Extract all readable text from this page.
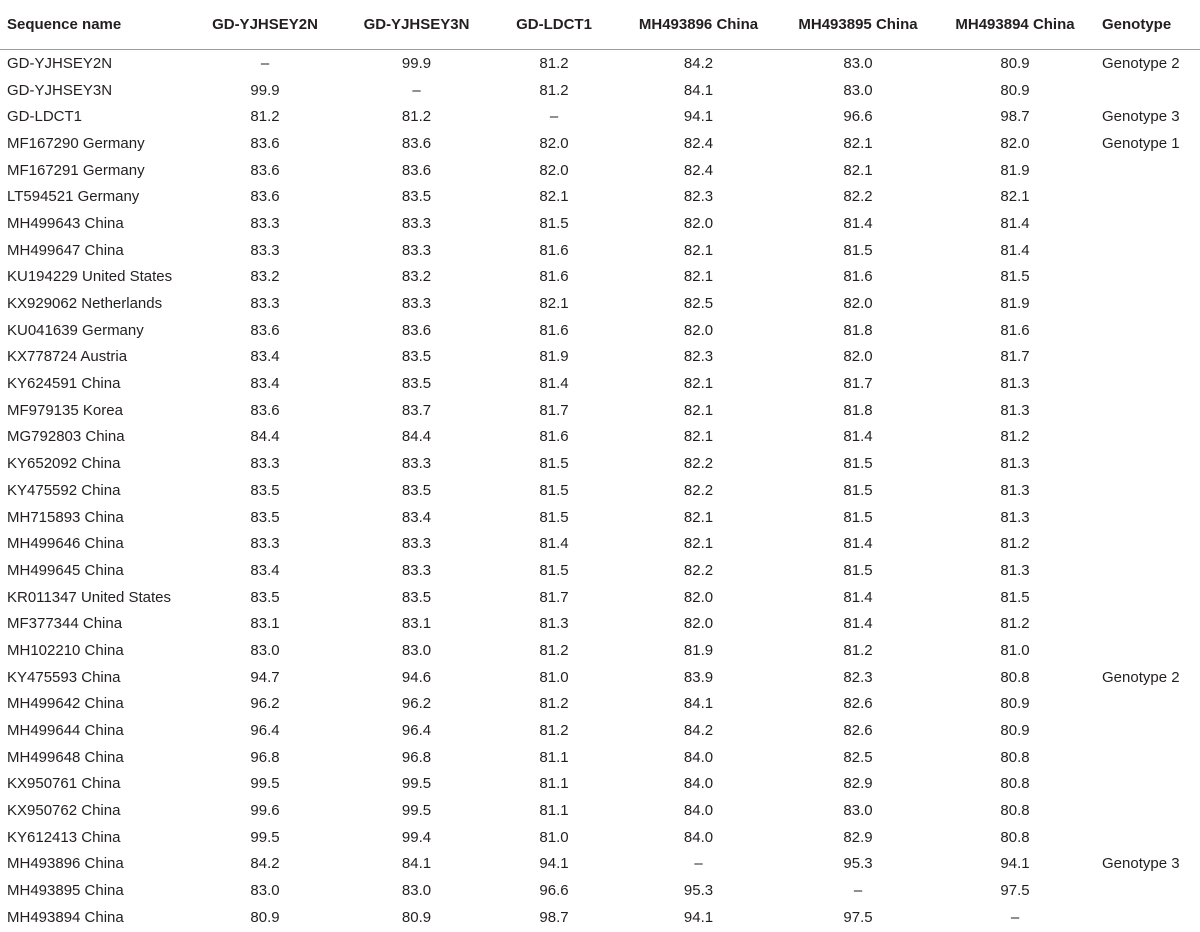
Sequence name	GD-YJHSEY2N	GD-YJHSEY3N	GD-LDCT1	MH493896 China	MH493895 China	MH493894 China	Genotype
GD-YJHSEY2N	–	99.9	81.2	84.2	83.0	80.9	Genotype 2
GD-YJHSEY3N	99.9	–	81.2	84.1	83.0	80.9	
GD-LDCT1	81.2	81.2	–	94.1	96.6	98.7	Genotype 3
MF167290 Germany	83.6	83.6	82.0	82.4	82.1	82.0	Genotype 1
MF167291 Germany	83.6	83.6	82.0	82.4	82.1	81.9	
LT594521 Germany	83.6	83.5	82.1	82.3	82.2	82.1	
MH499643 China	83.3	83.3	81.5	82.0	81.4	81.4	
MH499647 China	83.3	83.3	81.6	82.1	81.5	81.4	
KU194229 United States	83.2	83.2	81.6	82.1	81.6	81.5	
KX929062 Netherlands	83.3	83.3	82.1	82.5	82.0	81.9	
KU041639 Germany	83.6	83.6	81.6	82.0	81.8	81.6	
KX778724 Austria	83.4	83.5	81.9	82.3	82.0	81.7	
KY624591 China	83.4	83.5	81.4	82.1	81.7	81.3	
MF979135 Korea	83.6	83.7	81.7	82.1	81.8	81.3	
MG792803 China	84.4	84.4	81.6	82.1	81.4	81.2	
KY652092 China	83.3	83.3	81.5	82.2	81.5	81.3	
KY475592 China	83.5	83.5	81.5	82.2	81.5	81.3	
MH715893 China	83.5	83.4	81.5	82.1	81.5	81.3	
MH499646 China	83.3	83.3	81.4	82.1	81.4	81.2	
MH499645 China	83.4	83.3	81.5	82.2	81.5	81.3	
KR011347 United States	83.5	83.5	81.7	82.0	81.4	81.5	
MF377344 China	83.1	83.1	81.3	82.0	81.4	81.2	
MH102210 China	83.0	83.0	81.2	81.9	81.2	81.0	
KY475593 China	94.7	94.6	81.0	83.9	82.3	80.8	Genotype 2
MH499642 China	96.2	96.2	81.2	84.1	82.6	80.9	
MH499644 China	96.4	96.4	81.2	84.2	82.6	80.9	
MH499648 China	96.8	96.8	81.1	84.0	82.5	80.8	
KX950761 China	99.5	99.5	81.1	84.0	82.9	80.8	
KX950762 China	99.6	99.5	81.1	84.0	83.0	80.8	
KY612413 China	99.5	99.4	81.0	84.0	82.9	80.8	
MH493896 China	84.2	84.1	94.1	–	95.3	94.1	Genotype 3
MH493895 China	83.0	83.0	96.6	95.3	–	97.5	
MH493894 China	80.9	80.9	98.7	94.1	97.5	–	
